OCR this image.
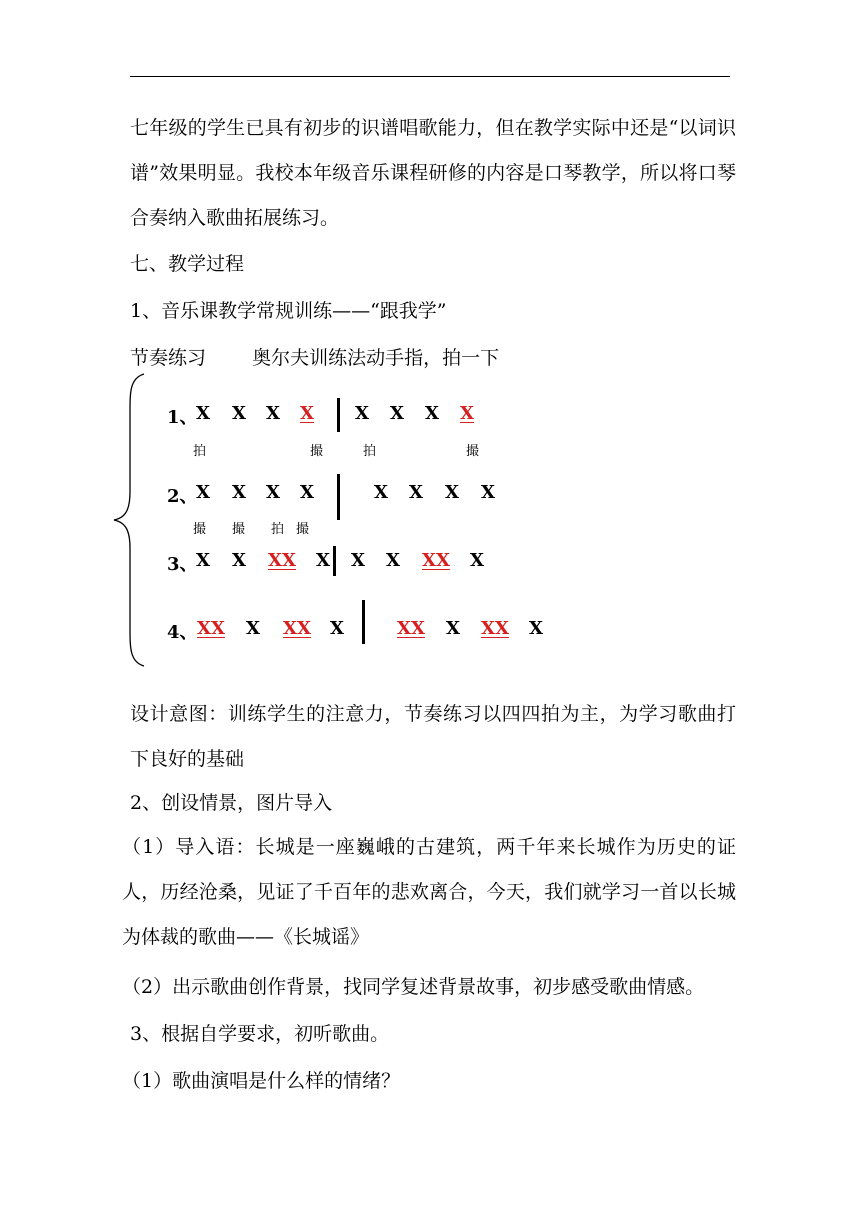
七年级的学生已具有初步的识谱唱歌能力，但在教学实际中还是“以词识谱”效果明显。我校本年级音乐课程研修的内容是口琴教学，所以将口琴合奏纳入歌曲拓展练习。

七、教学过程

1、音乐课教学常规训练——“跟我学”

节奏练习 奥尔夫训练法动手指，拍一下
1、
X X X X X X X X
拍	撮	拍	撮
2、
X X X X	X X X X
撮 撮 拍 撮
3、
X X XX X X X XX X
4、 XX X XX X	XX X XX X

设计意图：训练学生的注意力，节奏练习以四四拍为主，为学习歌曲打下良好的基础

2、创设情景，图片导入

（1）导入语：长城是一座巍峨的古建筑，两千年来长城作为历史的证人，历经沧桑，见证了千百年的悲欢离合，今天，我们就学习一首以长城为体裁的歌曲——《长城谣》

（2）出示歌曲创作背景，找同学复述背景故事，初步感受歌曲情感。

3、根据自学要求，初听歌曲。

（1）歌曲演唱是什么样的情绪？
